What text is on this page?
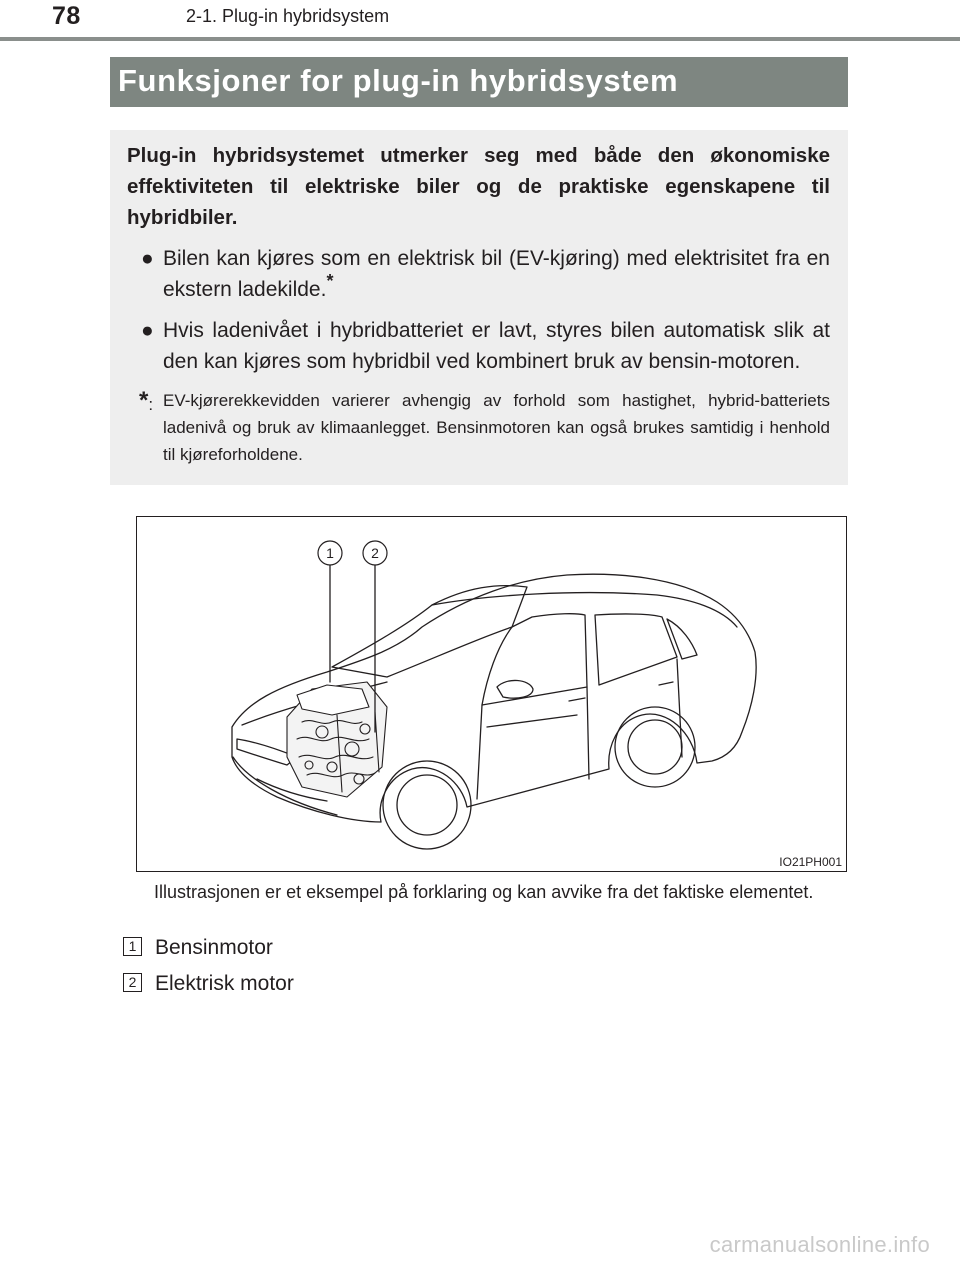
78	2-1. Plug-in hybridsystem
Funksjoner for plug-in hybridsystem

Plug-in hybridsystemet utmerker seg med både den økonomiske effektiviteten til elektriske biler og de praktiske egenskapene til hybridbiler.

● Bilen kan kjøres som en elektrisk bil (EV-kjøring) med elektrisitet fra en ekstern ladekilde.*
● Hvis ladenivået i hybridbatteriet er lavt, styres bilen automatisk slik at den kan kjøres som hybridbil ved kombinert bruk av bensin-motoren.
*: EV-kjørerekkevidden varierer avhengig av forhold som hastighet, hybrid-batteriets ladenivå og bruk av klimaanlegget. Bensinmotoren kan også brukes samtidig i henhold til kjøreforholdene.
1	2
IO21PH001
Illustrasjonen er et eksempel på forklaring og kan avvike fra det faktiske elementet.
1 Bensinmotor
2 Elektrisk motor
carmanualsonline.info
